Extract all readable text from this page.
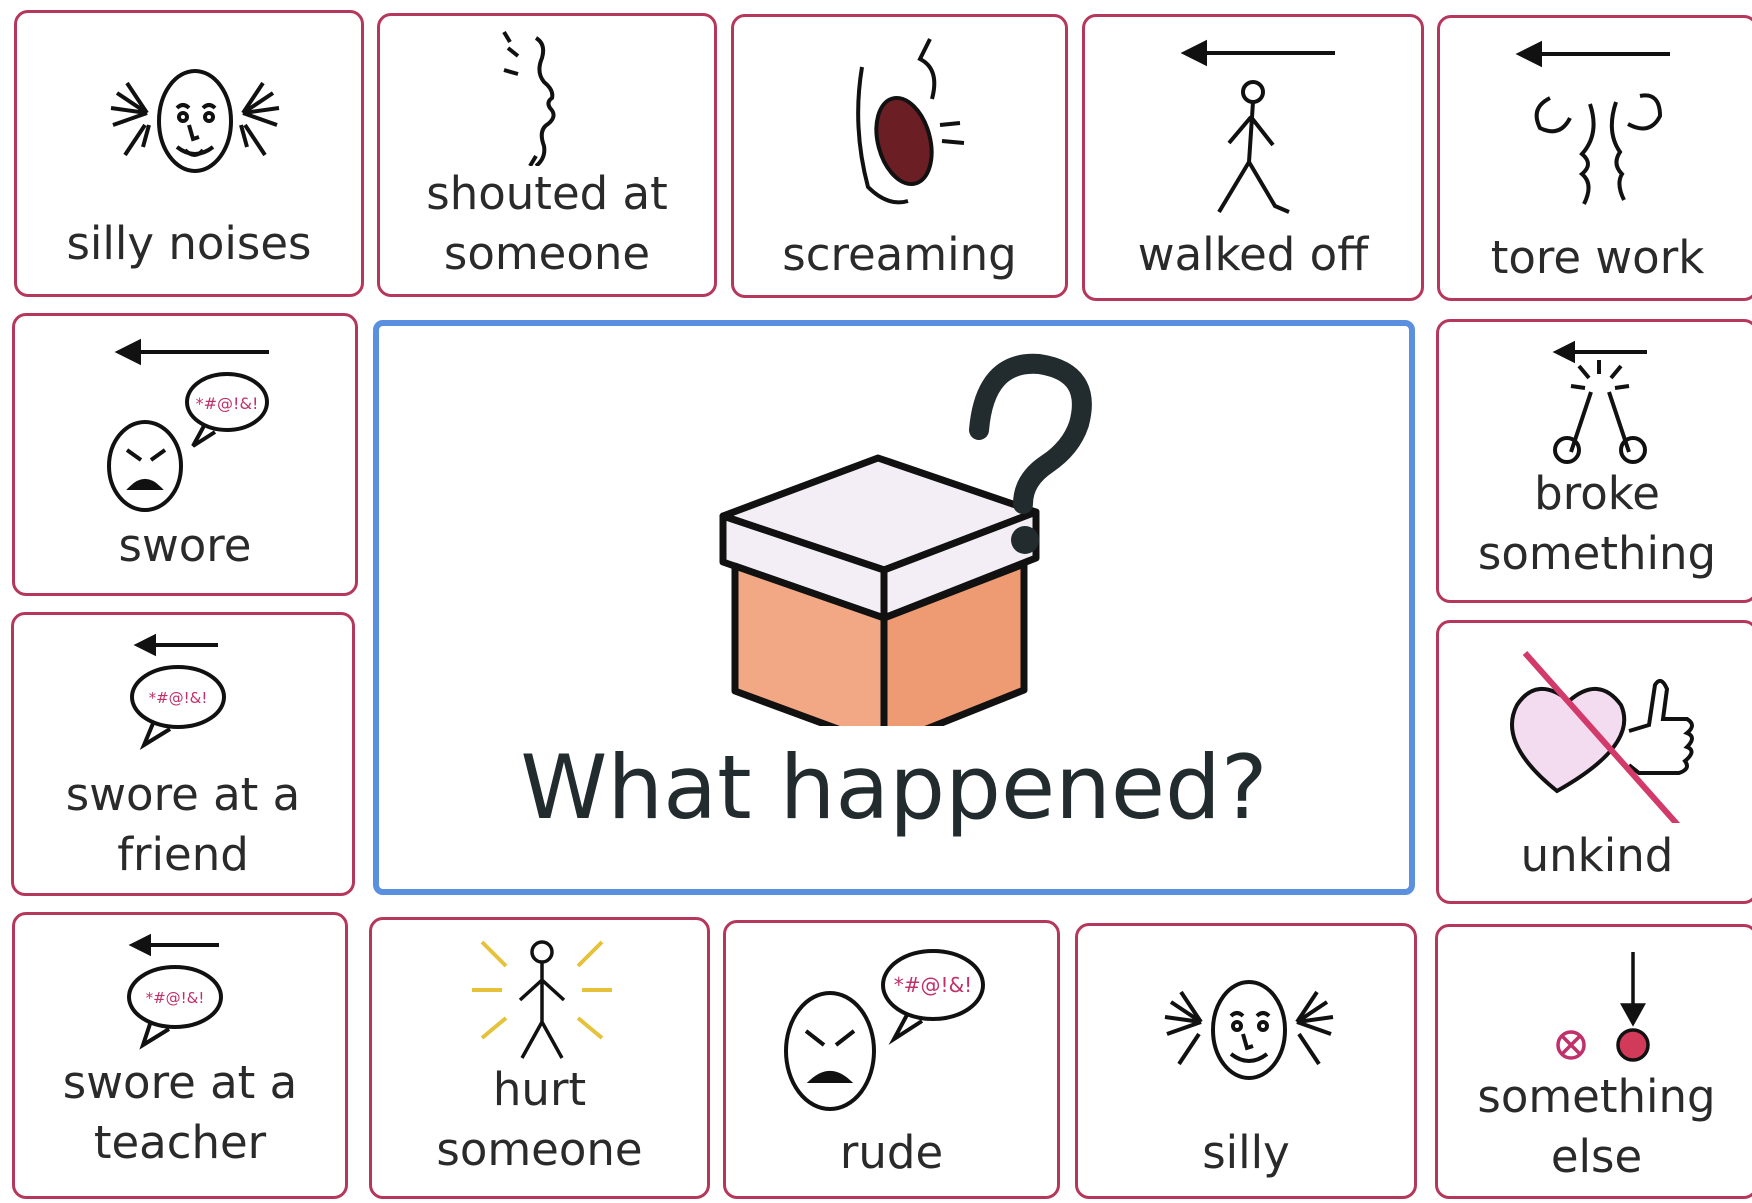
silly noises
shouted at
someone	screaming	walked off	tore work
*#@!&!
swore
broke
something
*#@!&!
swore at a
friend	unkind
*#@!&!
swore at a
teacher
hurt
someone
*#@!&!
rude	silly
something
else
What happened?
